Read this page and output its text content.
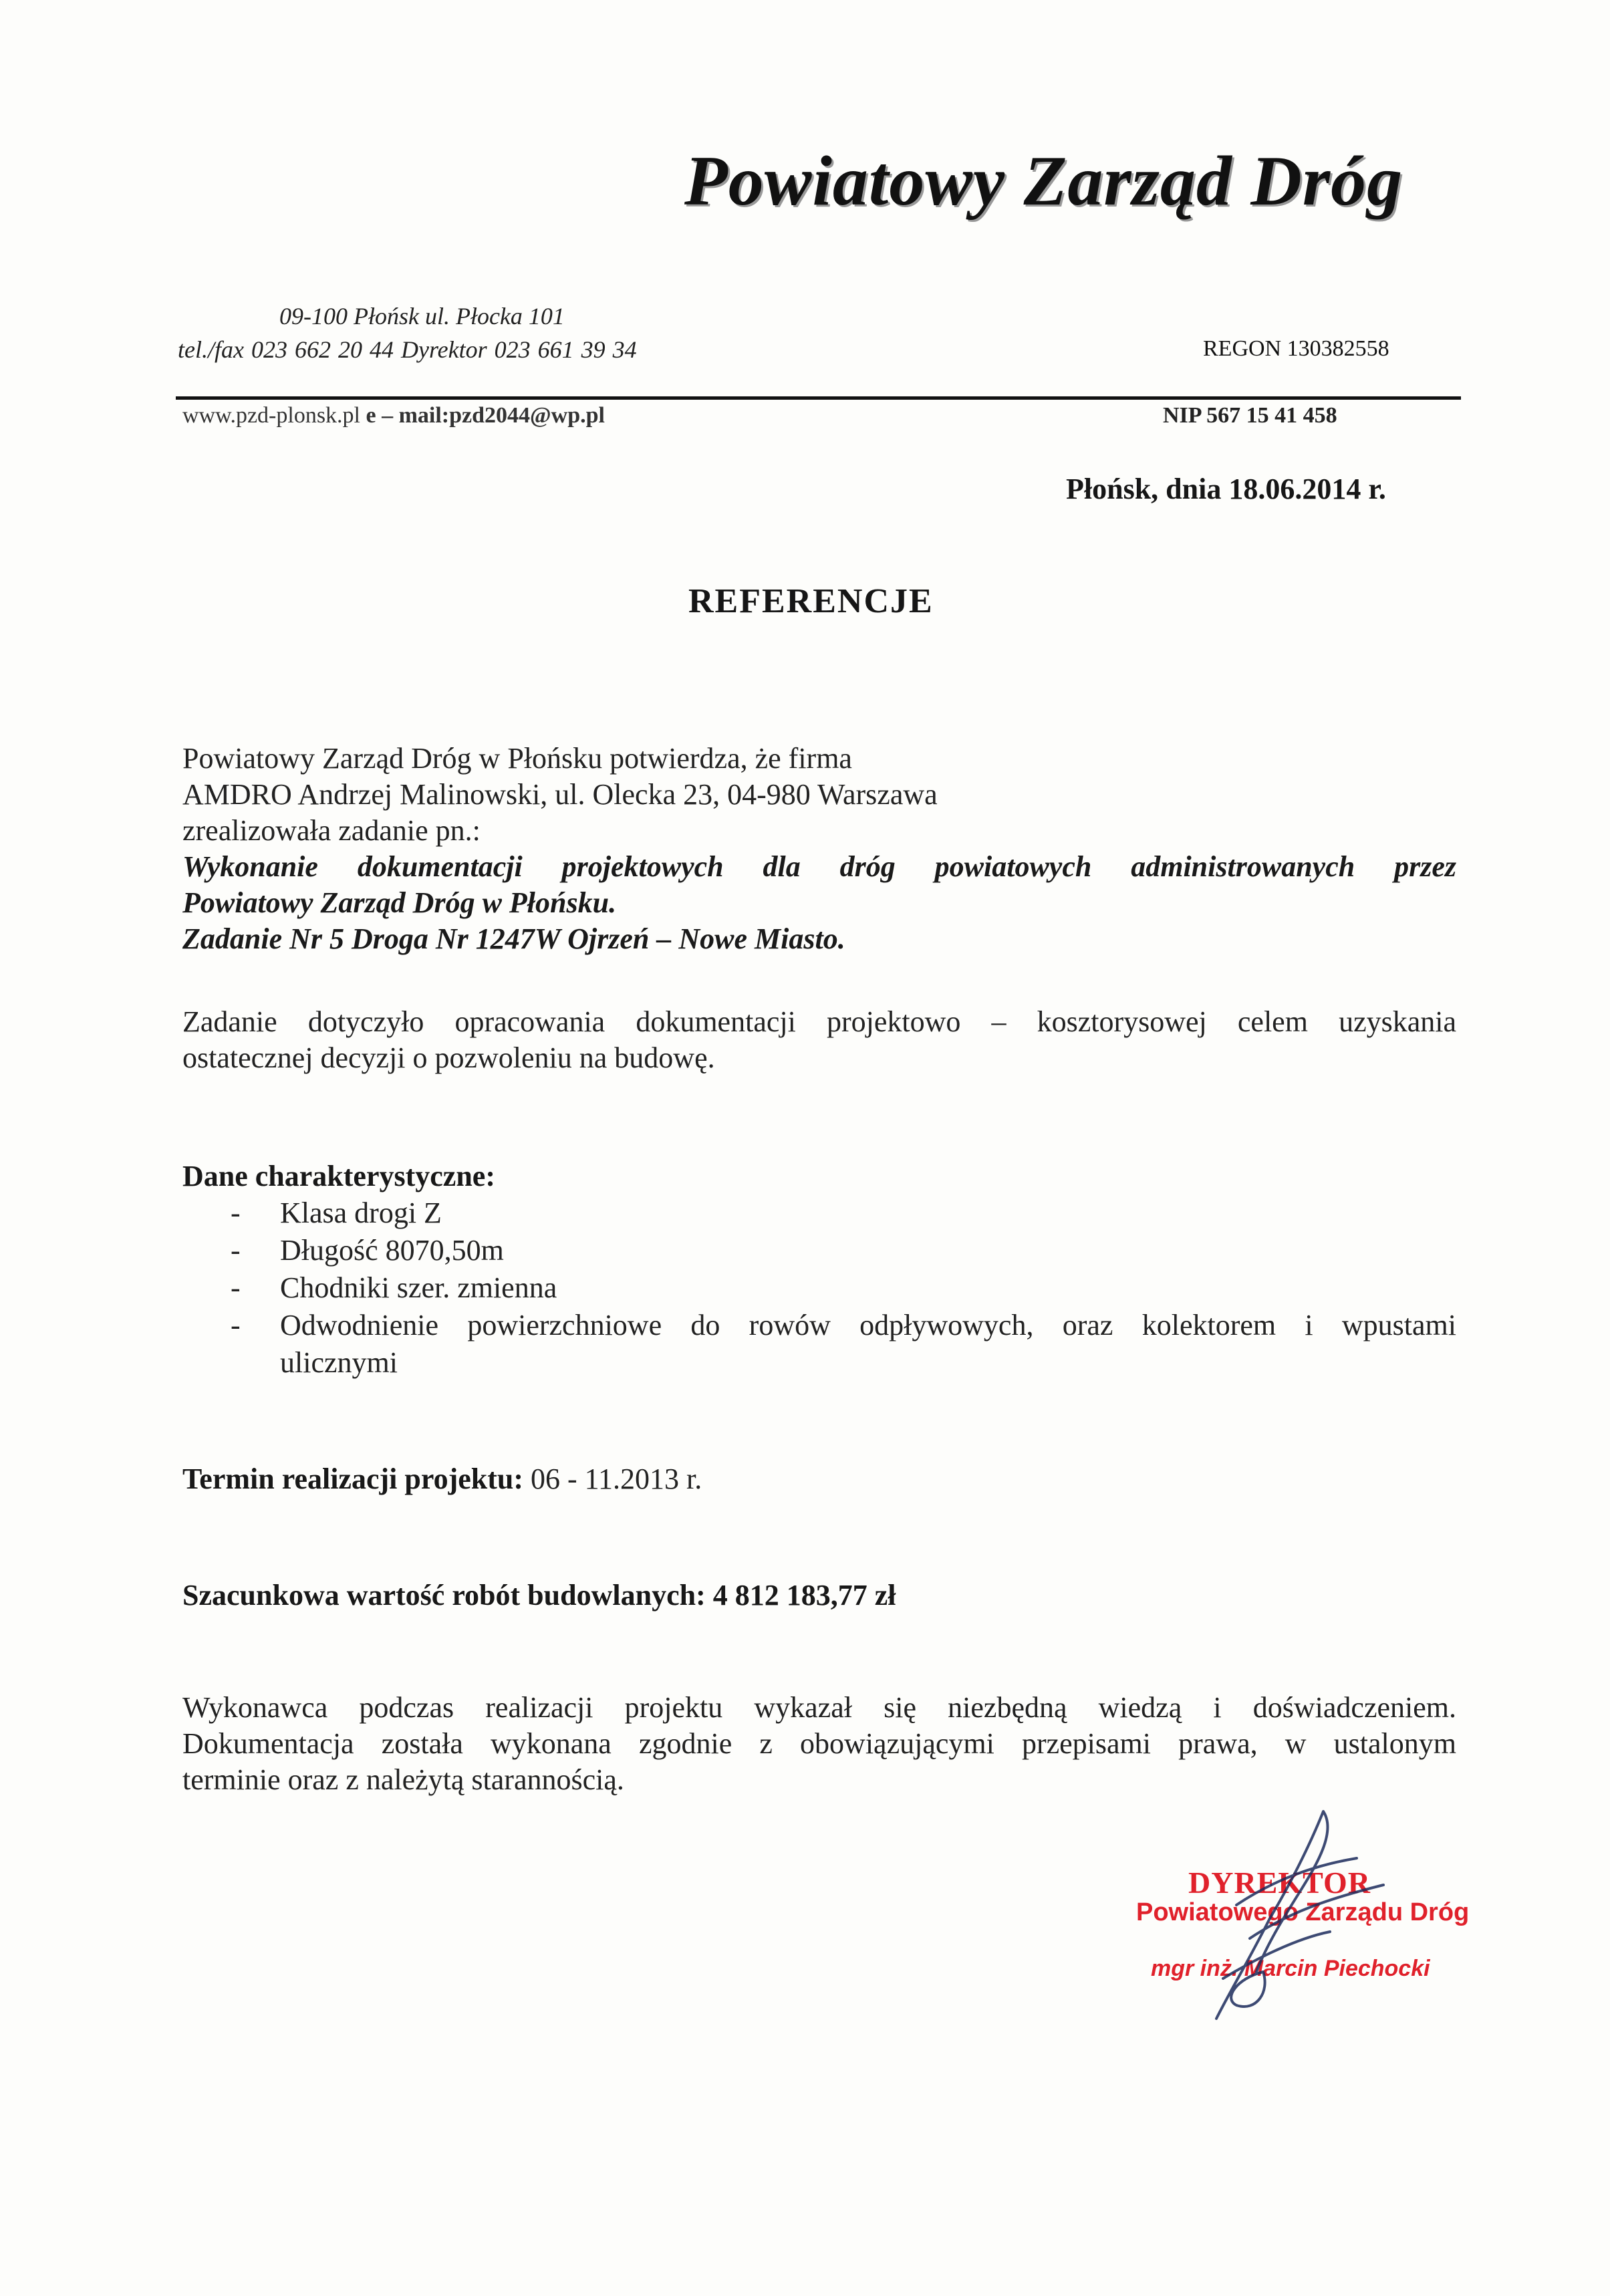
Powiatowy Zarząd Dróg
09-100 Płońsk ul. Płocka 101
tel./fax 023 662 20 44 Dyrektor 023 661 39 34	REGON 130382558
www.pzd-plonsk.pl e – mail:pzd2044@wp.pl	NIP 567 15 41 458
Płońsk, dnia 18.06.2014 r.
REFERENCJE
Powiatowy Zarząd Dróg w Płońsku potwierdza, że firma
AMDRO Andrzej Malinowski, ul. Olecka 23, 04-980 Warszawa
zrealizowała zadanie pn.:
Wykonanie dokumentacji projektowych dla dróg powiatowych administrowanych przez
Powiatowy Zarząd Dróg w Płońsku.
Zadanie Nr 5 Droga Nr 1247W Ojrzeń – Nowe Miasto.
Zadanie dotyczyło opracowania dokumentacji projektowo – kosztorysowej celem uzyskania
ostatecznej decyzji o pozwoleniu na budowę.
Dane charakterystyczne:
-	Klasa drogi Z
-	Długość 8070,50m
-	Chodniki szer. zmienna
-	Odwodnienie powierzchniowe do rowów odpływowych, oraz kolektorem i wpustami
ulicznymi
Termin realizacji projektu: 06 - 11.2013 r.
Szacunkowa wartość robót budowlanych: 4 812 183,77 zł
Wykonawca podczas realizacji projektu wykazał się niezbędną wiedzą i doświadczeniem.
Dokumentacja została wykonana zgodnie z obowiązującymi przepisami prawa, w ustalonym
terminie oraz z należytą starannością.
DYREKTOR
Powiatowego Zarządu Dróg
mgr inż. Marcin Piechocki
